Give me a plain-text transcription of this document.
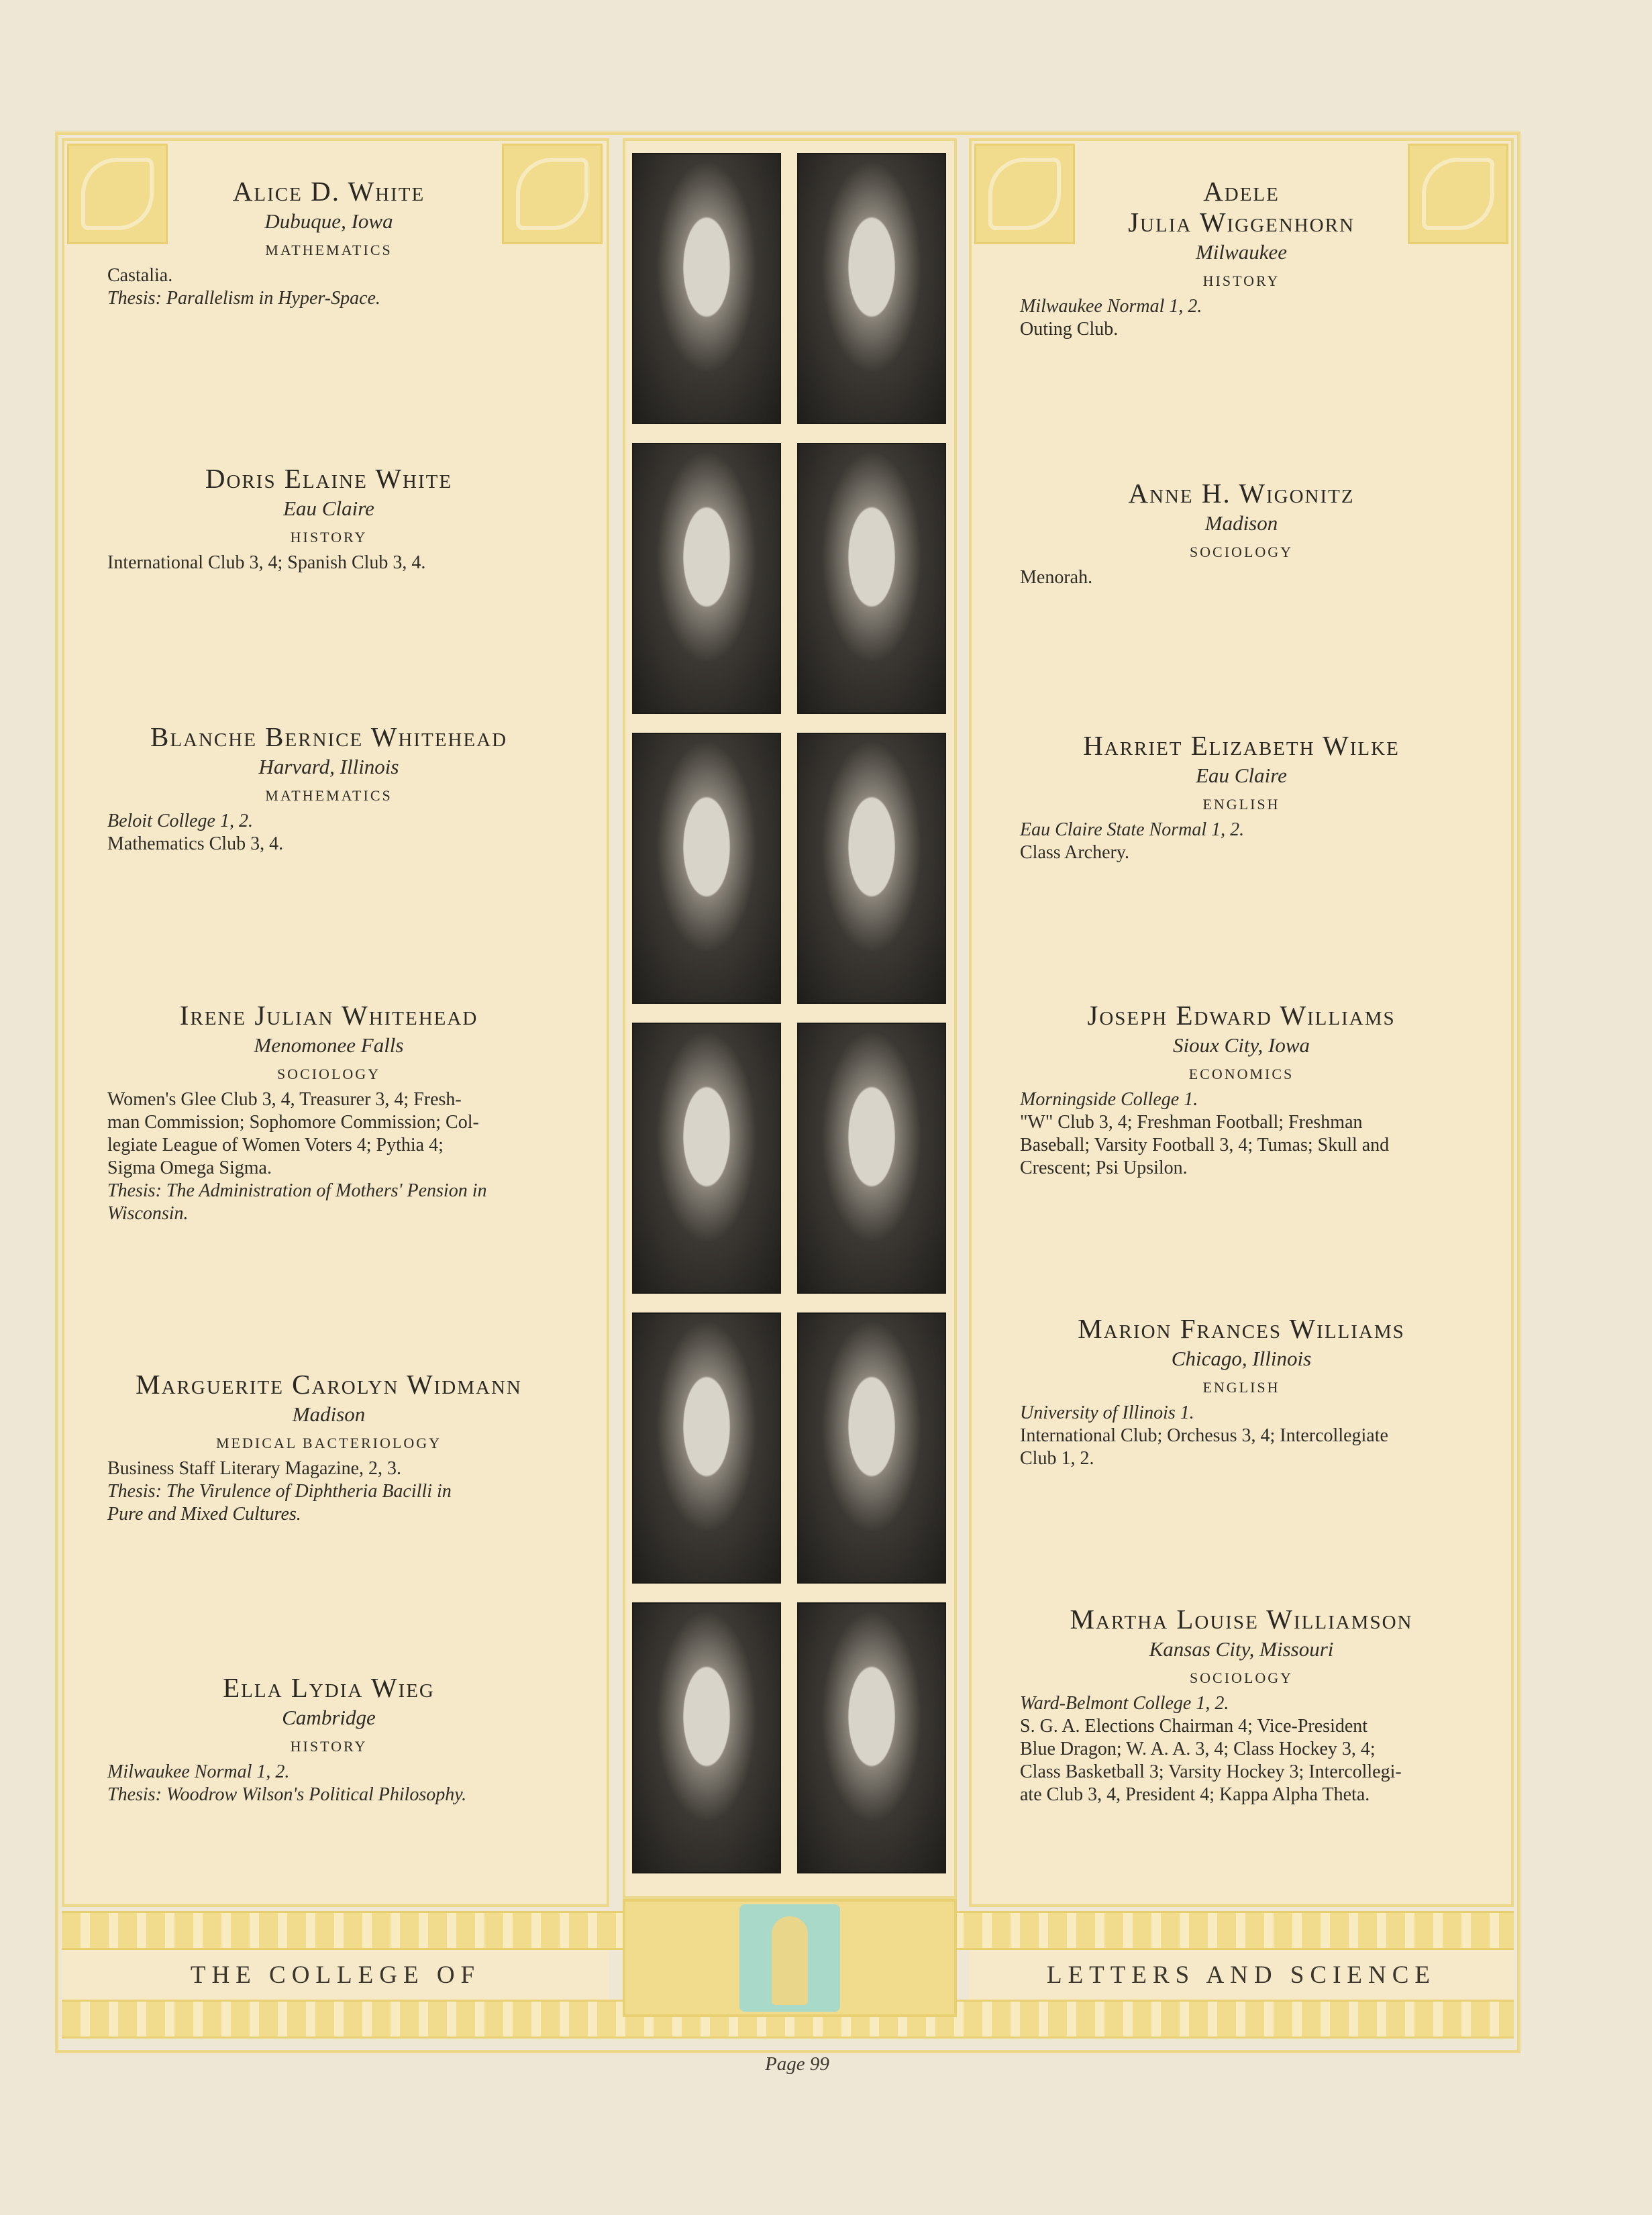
Alice D. White
Dubuque, Iowa
MATHEMATICS
Castalia.
Thesis: Parallelism in Hyper-Space.
Doris Elaine White
Eau Claire
HISTORY
International Club 3, 4; Spanish Club 3, 4.
Blanche Bernice Whitehead
Harvard, Illinois
MATHEMATICS
Beloit College 1, 2.
Mathematics Club 3, 4.
Irene Julian Whitehead
Menomonee Falls
SOCIOLOGY
Women's Glee Club 3, 4, Treasurer 3, 4; Fresh-
man Commission; Sophomore Commission; Col-
legiate League of Women Voters 4; Pythia 4;
Sigma Omega Sigma.
Thesis: The Administration of Mothers' Pension in
Wisconsin.
Marguerite Carolyn Widmann
Madison
MEDICAL BACTERIOLOGY
Business Staff Literary Magazine, 2, 3.
Thesis: The Virulence of Diphtheria Bacilli in
Pure and Mixed Cultures.
Ella Lydia Wieg
Cambridge
HISTORY
Milwaukee Normal 1, 2.
Thesis: Woodrow Wilson's Political Philosophy.
Adele
Julia Wiggenhorn
Milwaukee
HISTORY
Milwaukee Normal 1, 2.
Outing Club.
Anne H. Wigonitz
Madison
SOCIOLOGY
Menorah.
Harriet Elizabeth Wilke
Eau Claire
ENGLISH
Eau Claire State Normal 1, 2.
Class Archery.
Joseph Edward Williams
Sioux City, Iowa
ECONOMICS
Morningside College 1.
"W" Club 3, 4; Freshman Football; Freshman
Baseball; Varsity Football 3, 4; Tumas; Skull and
Crescent; Psi Upsilon.
Marion Frances Williams
Chicago, Illinois
ENGLISH
University of Illinois 1.
International Club; Orchesus 3, 4; Intercollegiate
Club 1, 2.
Martha Louise Williamson
Kansas City, Missouri
SOCIOLOGY
Ward-Belmont College 1, 2.
S. G. A. Elections Chairman 4; Vice-President
Blue Dragon; W. A. A. 3, 4; Class Hockey 3, 4;
Class Basketball 3; Varsity Hockey 3; Intercollegi-
ate Club 3, 4, President 4; Kappa Alpha Theta.
THE COLLEGE OF	LETTERS AND SCIENCE
Page 99
